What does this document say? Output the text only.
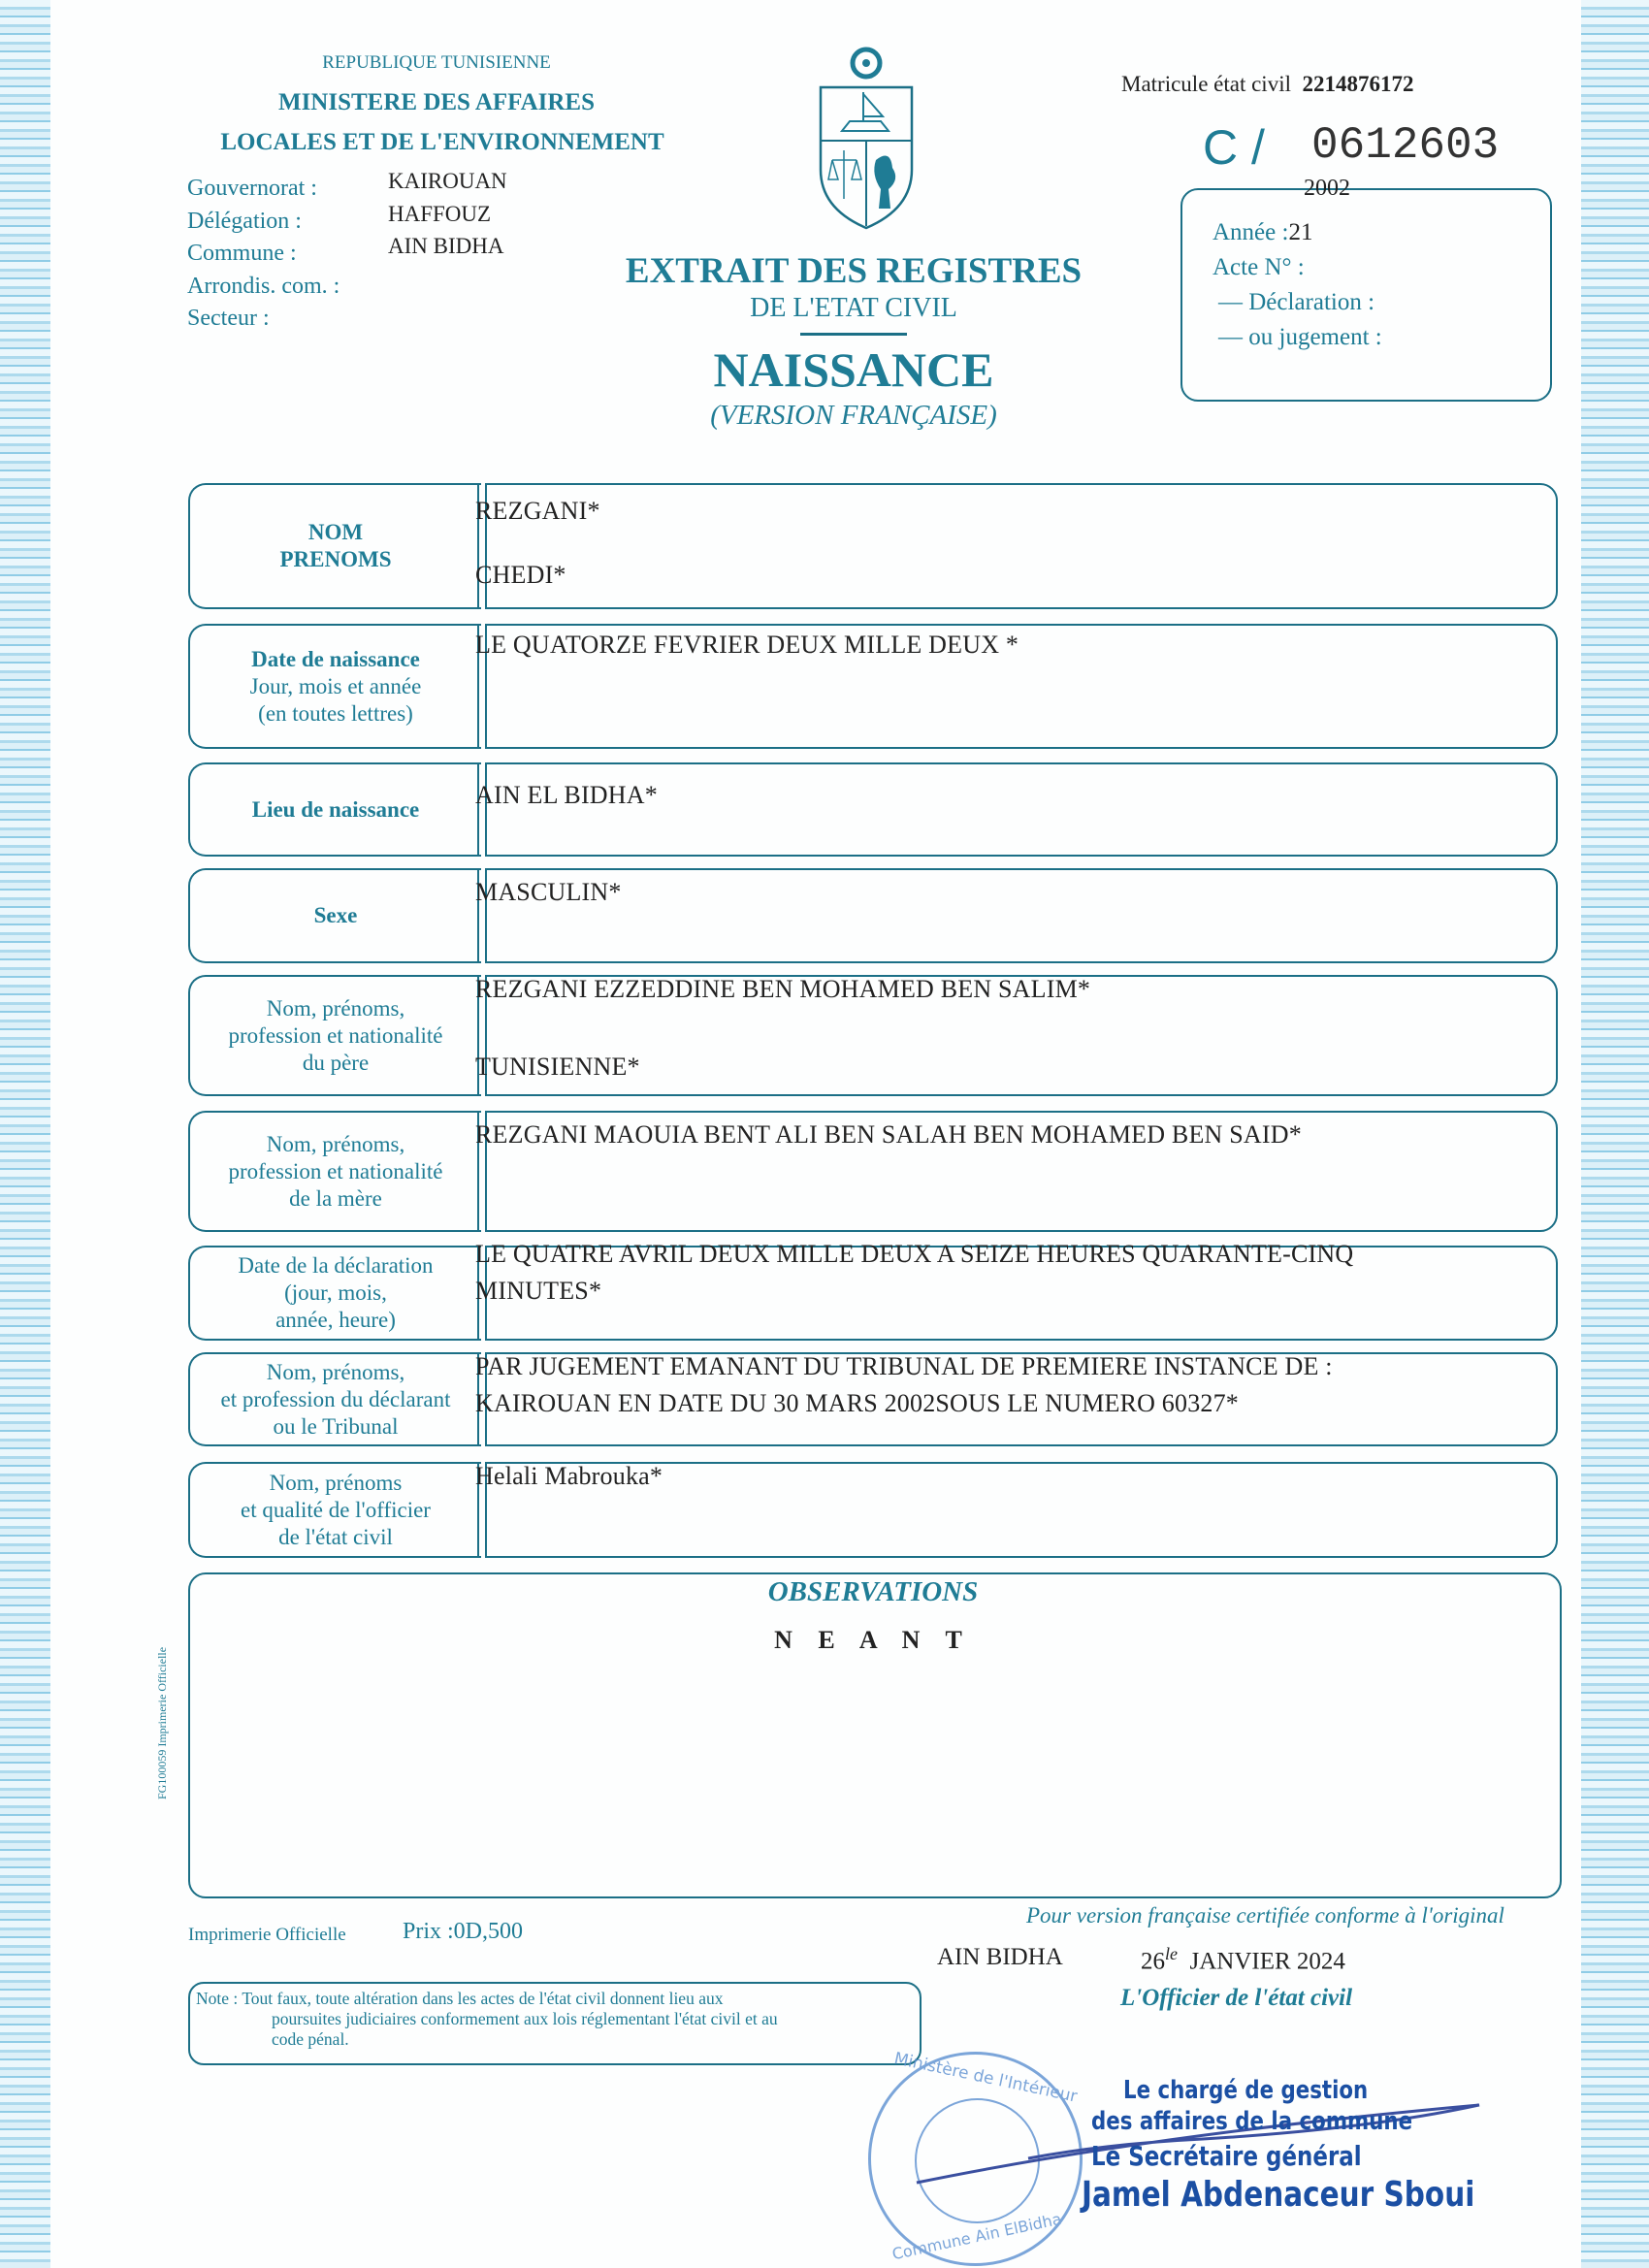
REPUBLIQUE TUNISIENNE
MINISTERE DES AFFAIRES
LOCALES ET DE L'ENVIRONNEMENT
Gouvernorat :
Délégation :
Commune :
Arrondis. com. :
Secteur :
KAIROUAN
HAFFOUZ
AIN BIDHA
Matricule état civil 2214876172
C / 0612603
EXTRAIT DES REGISTRES
DE L'ETAT CIVIL
NAISSANCE
(VERSION FRANÇAISE)
2002
Année :21
Acte N° :
— Déclaration :
— ou jugement :
NOM
PRENOMS
REZGANI*
CHEDI*
Date de naissance
Jour, mois et année
(en toutes lettres)
LE QUATORZE FEVRIER DEUX MILLE DEUX *
Lieu de naissance AIN EL BIDHA*
Sexe
MASCULIN*
Nom, prénoms,
profession et nationalité
du père
REZGANI EZZEDDINE BEN MOHAMED BEN SALIM*
TUNISIENNE*
Nom, prénoms,
profession et nationalité
de la mère
REZGANI MAOUIA BENT ALI BEN SALAH BEN MOHAMED BEN SAID*
Date de la déclaration
(jour, mois,
année, heure)
LE QUATRE AVRIL DEUX MILLE DEUX A SEIZE HEURES QUARANTE-CINQ
MINUTES*
Nom, prénoms,
et profession du déclarant
ou le Tribunal
PAR JUGEMENT EMANANT DU TRIBUNAL DE PREMIERE INSTANCE DE :
KAIROUAN EN DATE DU 30 MARS 2002SOUS LE NUMERO 60327*
Nom, prénoms
et qualité de l'officier
de l'état civil
Helali Mabrouka*
OBSERVATIONS
N E A N T
FG100059 Imprimerie Officielle
Imprimerie Officielle Prix :0D,500
Pour version française certifiée conforme à l'original
AIN BIDHA	$26^{le}$ JANVIER 2024
L'Officier de l'état civil
Note : Tout faux, toute altération dans les actes de l'état civil donnent lieu aux
poursuites judiciaires conformement aux lois réglementant l'état civil et au
code pénal.
Ministère de l'Intérieur
Commune Ain ElBidha
Le chargé de gestion
des affaires de la commune
Le Secrétaire général
Jamel Abdenaceur Sboui
